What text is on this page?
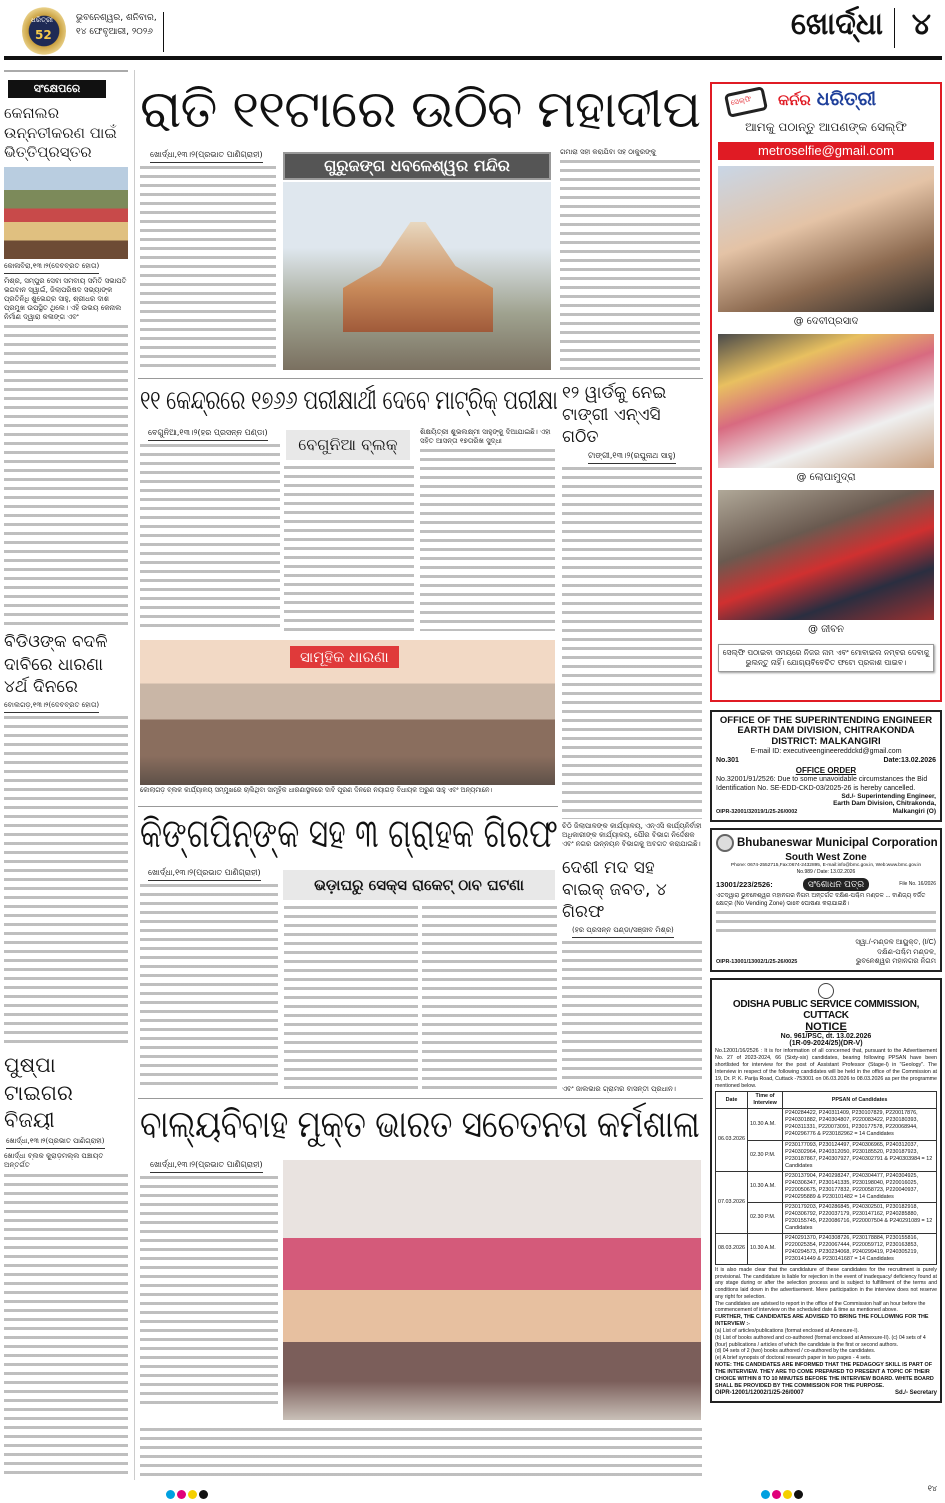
ଧରିତ୍ରୀ
52
ଭୁବନେଶ୍ୱର, ଶନିବାର,
୧୪ ଫେବୃଆରୀ, ୨୦୨୬	ଖୋର୍ଦ୍ଧା ୪
ସଂକ୍ଷେପରେ
କେନାଲର ଉନ୍ନତୀକରଣ ପାଇଁ ଭିତ୍ତିପ୍ରସ୍ତର
କୋଳାବିରା,୧୩।୨(ଦେବବ୍ରତ ହୋତା)
ମିଶ୍ର, ସମ୍ପୁର ସେବା ସମବାୟ ସମିତି ସଭାପତି ଭଗବାନ ସ୍ୱାଇଁ, ଜିଲାପରିଷଦ ସଭ୍ୟାଙ୍କ ପ୍ରତିନିଧି ଶୁଭେନ୍ଦ୍ର ସାହୁ, ଶ୍ରୀଧର ଦାଶ ପ୍ରମୁଖ ଉପସ୍ଥିତ ଥିଲେ। ଏହି ଉଭୟ କେନାଲ ନିର୍ମାଣ ଦ୍ୱାରା କଳାଙ୍ଗ ଏବଂ
ବିଡିଓଙ୍କ ବଦଳି ଦାବିରେ ଧାରଣା ୪ର୍ଥ ଦିନରେ
ବୋଲଗଡ଼,୧୩।୨(ଦେବବ୍ରତ ହୋତା)
ପୁଷ୍ପା ଟାଇଗର ବିଜୟୀ
ଖୋର୍ଦ୍ଧା,୧୩।୨(ପ୍ରଭାତ ପାଣିଗ୍ରାହୀ)
ଖୋର୍ଦ୍ଧା ବ୍ଲକ କୁରାଡ଼ମଲ୍ଲ ପଞ୍ଚାୟତ ଅନ୍ତର୍ଗତ
ରାତି ୧୧ଟାରେ ଉଠିବ ମହାଦୀପ
ଖୋର୍ଦ୍ଧା,୧୩।୨(ପ୍ରଭାତ ପାଣିଗ୍ରାହୀ)
ଗୁରୁଜଙ୍ଗ ଧବଳେଶ୍ୱର ମନ୍ଦିର
ଗମାରା ସହୀ କରାଯିବା ସହ ଠାକୁରଙ୍କୁ
୧୧ କେନ୍ଦ୍ରରେ ୧୭୬୬ ପରୀକ୍ଷାର୍ଥୀ ଦେବେ ମାଟ୍ରିକ୍ ପରୀକ୍ଷା
ବେଗୁନିଆ,୧୩।୨(ହର ପ୍ରସନ୍ନ ପଣ୍ଡା)
ବେଗୁନିଆ ବ୍ଲକ୍
ଶିକ୍ଷୟିତ୍ରୀ ଶୁଭଲକ୍ଷ୍ମୀ ସାହୁଙ୍କୁ ଦିଆଯାଇଛି। ଏହା ସହିତ ଆସନ୍ତା ୧୭ତାରିଖ ସୁଦ୍ଧା
ସାମୂହିକ ଧାରଣା
କୋଲାଗଡ଼ ବ୍ଲକ କାର୍ଯ୍ୟାଳୟ ସମ୍ମୁଖରେ ଚାଲିଥିବା ସାମୂହିକ ଧାରଣାସ୍ଥଳରେ ଦାବି ପୂରଣ ଦିନରେ ନୟାଗଡ଼ ବିଧାୟକ ଅରୁଣ ସାହୁ ଏବଂ ଅନ୍ୟମାନେ।
୧୨ ୱାର୍ଡକୁ ନେଇ ଟାଙ୍ଗୀ ଏନ୍‌ଏସି ଗଠିତ
ଟାଙ୍ଗୀ,୧୩।୨(ରଘୁନାଥ ସାହୁ)
ଚିଠି ଜିଲାପାଳଙ୍କ କାର୍ଯ୍ୟାଳୟ, ଏନ୍‌ଏସି କାର୍ଯ୍ୟନିର୍ବାହୀ ଅଧିକାରୀଙ୍କ କାର୍ଯ୍ୟାଳୟ, ପୌର ବିଭାଗ ନିର୍ଦ୍ଦେଶକ ଏବଂ ନଗର ଉନ୍ନୟନ ବିଭାଗକୁ ଅବଗତ କରାଯାଇଛି।
ଦେଶୀ ମଦ ସହ ବାଇକ୍ ଜବତ, ୪ ଗିରଫ
(ହର ପ୍ରସନ୍ନ ପଣ୍ଡା/ସଞ୍ଜୀବ ମିଶ୍ର)
ଏବଂ ଜାଲଭାର ଗ୍ରାମର ବାସନ୍ତୀ ପ୍ରଧାନ।
କିଙ୍ଗପିନ୍‌ଙ୍କ ସହ ୩ ଗ୍ରାହକ ଗିରଫ
ଖୋର୍ଦ୍ଧା,୧୩।୨(ପ୍ରଭାତ ପାଣିଗ୍ରାହୀ)
ଭଡ଼ାଘରୁ ସେକ୍ସ ରାକେଟ୍ ଠାବ ଘଟଣା
ବାଲ୍ୟବିବାହ ମୁକ୍ତ ଭାରତ ସଚେତନତା କର୍ମଶାଳା
ଖୋର୍ଦ୍ଧା,୧୩।୨(ପ୍ରଭାତ ପାଣିଗ୍ରାହୀ)
ସେଲ୍ଫି କର୍ନର ଧରିତ୍ରୀ
ଆମକୁ ପଠାନ୍ତୁ ଆପଣଙ୍କ ସେଲ୍ଫି
metroselfie@gmail.com
@ ଦେବୀପ୍ରସାଦ
@ ଲୋପାମୁଦ୍ରା
@ ଜୀବନ
ସେଲ୍ଫି ପଠାଇବା ସମୟରେ ନିଜର ନାମ ଏବଂ ମୋବାଇଲ ନମ୍ବର ଦେବାକୁ ଭୁଲନ୍ତୁ ନାହିଁ। ଯୋଗ୍ୟବିବେଚିତ ଫଟୋ ପ୍ରକାଶ ପାଇବ।
OFFICE OF THE SUPERINTENDING ENGINEER
EARTH DAM DIVISION, CHITRAKONDA
DISTRICT: MALKANGIRI
E-mail ID: executiveengineereddckd@gmail.com
No.301	Date:13.02.2026
OFFICE ORDER
No.32001/91/2526: Due to some unavoidable circumstances the Bid Identification No. SE-EDD-CKD-03/2025-26 is hereby cancelled.
OIPR-32001/32019/1/25-26/0002
Sd./- Superintending Engineer,
Earth Dam Division, Chitrakonda,
Malkangiri (O)
Bhubaneswar Municipal Corporation
South West Zone
Phone: 0674-2552715,Fax:0674-2432895, E-mail:info@bmc.gov.in, Web:www.bmc.gov.in
No.989 / Date: 13.02.2026
13001/223/2526:	ସଂଶୋଧନ ପତ୍ର	File No. 16/2026
ଏତଦ୍ୱାରା ଭୁବନେଶ୍ୱର ମହାନଗର ନିଗମ ଅନ୍ତର୍ଗତ ଦକ୍ଷିଣ-ପଶ୍ଚିମ ମଣ୍ଡଳ ... ବାଣିଜ୍ୟ ବର୍ଜିତ କ୍ଷେତ୍ର (No Vending Zone) ଭାବେ ଘୋଷଣା କରାଯାଇଛି।
OIPR-13001/13002/1/25-26/0025
ସ୍ୱା./-ମଣ୍ଡଳ ଆୟୁକ୍ତ, (I/C)
ଦକ୍ଷିଣ-ପଶ୍ଚିମ ମଣ୍ଡଳ,
ଭୁବନେଶ୍ୱର ମହାନଗର ନିଗମ
ODISHA PUBLIC SERVICE COMMISSION, CUTTACK
NOTICE
No. 961/PSC, dt. 13.02.2026
(1R-09-2024/25)(DR-V)
No.12001/16/2526 : It is for information of all concerned that, pursuant to the Advertisement No. 27 of 2023-2024, 66 (Sixty-six) candidates, bearing following PPSAN have been shortlisted for interview for the post of Assistant Professor (Stage-I) in "Geology". The Interview in respect of the following candidates will be held in the office of the Commission at 19, Dr. P. K. Parija Road, Cuttack -753001 on 06.03.2026 to 08.03.2026 as per the programme mentioned below.
Date	Time of Interview	PPSAN of Candidates
06.03.2026	10.30 A.M.	P240284422, P240311409, P230107829, P220017876, P240301882, P240304807, P220083422, P230180393, P240311331, P220073091, P230177578, P220068944, P240296776 & P230182962 = 14 Candidates
	02.30 P.M.	P230177093, P230124497, P240306965, P240312037, P240302964, P240312050, P230185520, P230187923, P230187867, P240307927, P240302791 & P240303984 = 12 Candidates
07.03.2026	10.30 A.M.	P230137904, P240298247, P240304477, P240304925, P240306347, P230141335, P230198040, P220016025, P220050675, P230177832, P220058723, P220040937, P240295889 & P230101482 = 14 Candidates
	02.30 P.M.	P230179203, P240286845, P240302501, P230182918, P240306792, P220037179, P230147162, P240285880, P230155745, P220086716, P220007504 & P240291089 = 12 Candidates
08.03.2026	10.30 A.M.	P240291370, P240308726, P230178884, P230155816, P220025354, P220067444, P220059712, P230163853, P240294573, P230234068, P240299419, P240305219, P230141449 & P230141687 = 14 Candidates
It is also made clear that the candidature of these candidates for the recruitment is purely provisional. The candidature is liable for rejection in the event of inadequacy/ deficiency found at any stage during or after the selection process and is subject to fulfillment of the terms and conditions laid down in the advertisement. Mere participation in the interview does not reserve any right for selection.
The candidates are advised to report in the office of the Commission half an hour before the commencement of interview on the scheduled date & time as mentioned above.
FURTHER, THE CANDIDATES ARE ADVISED TO BRING THE FOLLOWING FOR THE INTERVIEW :-
(a) List of articles/publications (format enclosed at Annexure-I).
(b) List of books authored and co-authored (format enclosed at Annexure-II). (c) 04 sets of 4 (four) publications / articles of which the candidate is the first or second authors.
(d) 04 sets of 2 (two) books authored / co-authored by the candidates.
(e) A brief synopsis of doctoral research paper in two pages - 4 sets.
NOTE: THE CANDIDATES ARE INFORMED THAT THE PEDAGOGY SKILL IS PART OF THE INTERVIEW. THEY ARE TO COME PREPARED TO PRESENT A TOPIC OF THEIR CHOICE WITHIN 8 TO 10 MINUTES BEFORE THE INTERVIEW BOARD. WHITE BOARD SHALL BE PROVIDED BY THE COMMISSION FOR THE PURPOSE.
OIPR-12001/12002/1/25-26/0007	Sd./- Secretary
୧୪
